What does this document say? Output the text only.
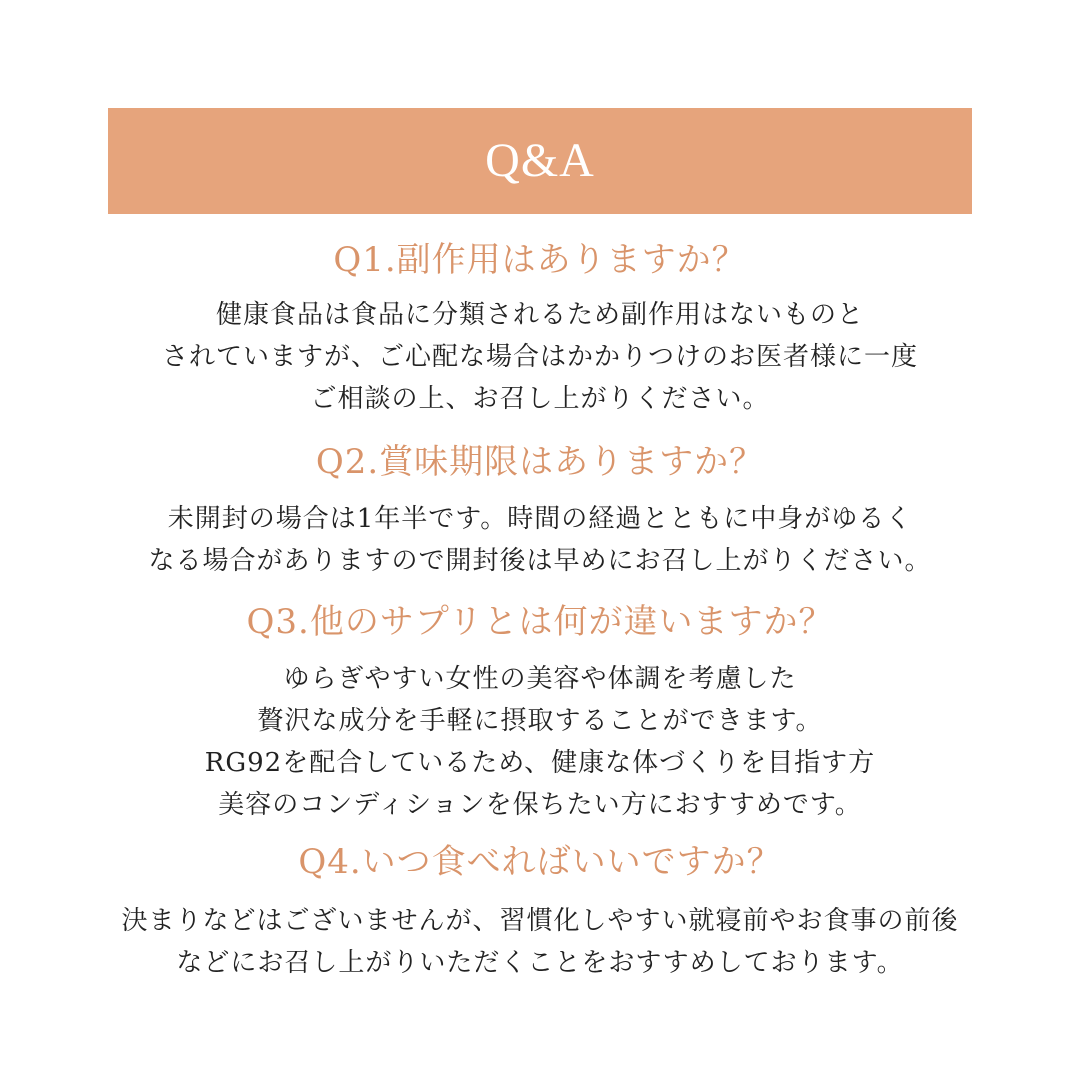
Q&A
Q1.副作用はありますか？
健康食品は食品に分類されるため副作用はないものと
されていますが、ご心配な場合はかかりつけのお医者様に一度
ご相談の上、お召し上がりください。
Q2.賞味期限はありますか？
未開封の場合は1年半です。時間の経過とともに中身がゆるく
なる場合がありますので開封後は早めにお召し上がりください。
Q3.他のサプリとは何が違いますか？
ゆらぎやすい女性の美容や体調を考慮した
贅沢な成分を手軽に摂取することができます。
RG92を配合しているため、健康な体づくりを目指す方
美容のコンディションを保ちたい方におすすめです。
Q4.いつ食べればいいですか？
決まりなどはございませんが、習慣化しやすい就寝前やお食事の前後
などにお召し上がりいただくことをおすすめしております。
